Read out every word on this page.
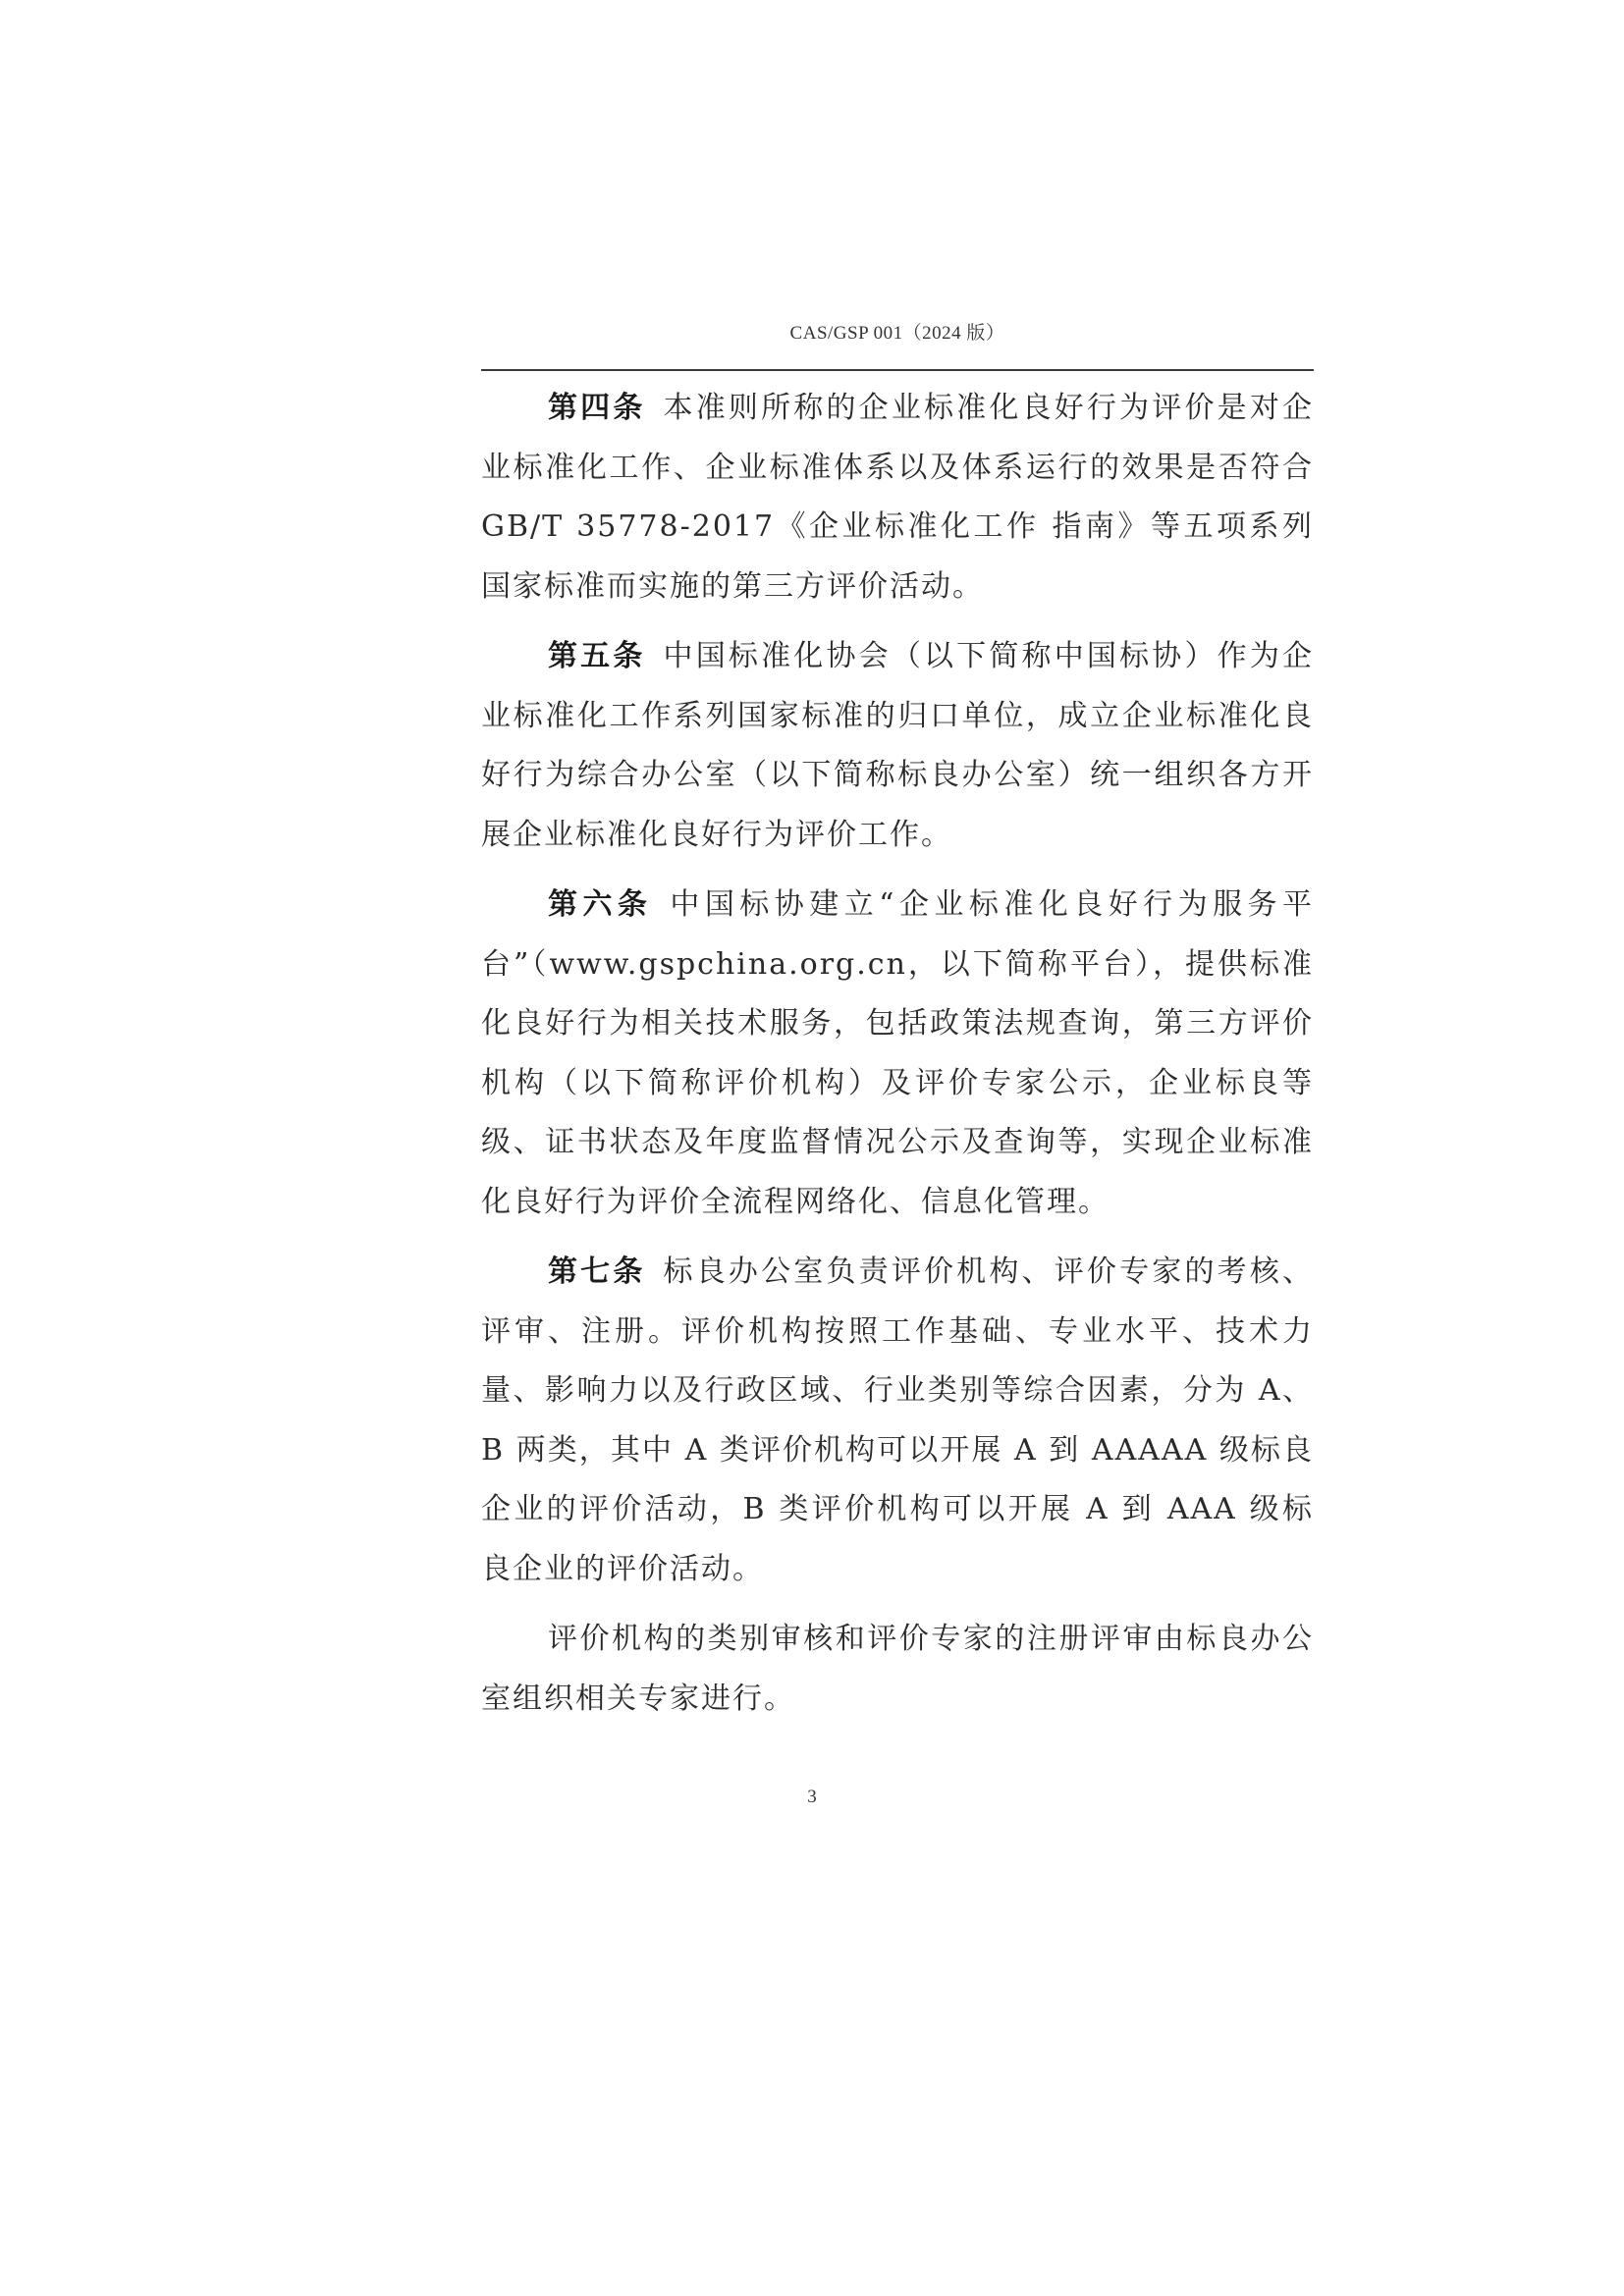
CAS/GSP 001（2024 版）

第四条 本准则所称的企业标准化良好行为评价是对企业标准化工作、企业标准体系以及体系运行的效果是否符合 GB/T 35778-2017《企业标准化工作 指南》等五项系列国家标准而实施的第三方评价活动。

第五条 中国标准化协会（以下简称中国标协）作为企业标准化工作系列国家标准的归口单位，成立企业标准化良好行为综合办公室（以下简称标良办公室）统一组织各方开展企业标准化良好行为评价工作。

第六条 中国标协建立“企业标准化良好行为服务平台”（www.gspchina.org.cn，以下简称平台），提供标准化良好行为相关技术服务，包括政策法规查询，第三方评价机构（以下简称评价机构）及评价专家公示，企业标良等级、证书状态及年度监督情况公示及查询等，实现企业标准化良好行为评价全流程网络化、信息化管理。

第七条 标良办公室负责评价机构、评价专家的考核、评审、注册。评价机构按照工作基础、专业水平、技术力量、影响力以及行政区域、行业类别等综合因素，分为 A、B 两类，其中 A 类评价机构可以开展 A 到 AAAAA 级标良企业的评价活动，B 类评价机构可以开展 A 到 AAA 级标良企业的评价活动。

评价机构的类别审核和评价专家的注册评审由标良办公室组织相关专家进行。

3
